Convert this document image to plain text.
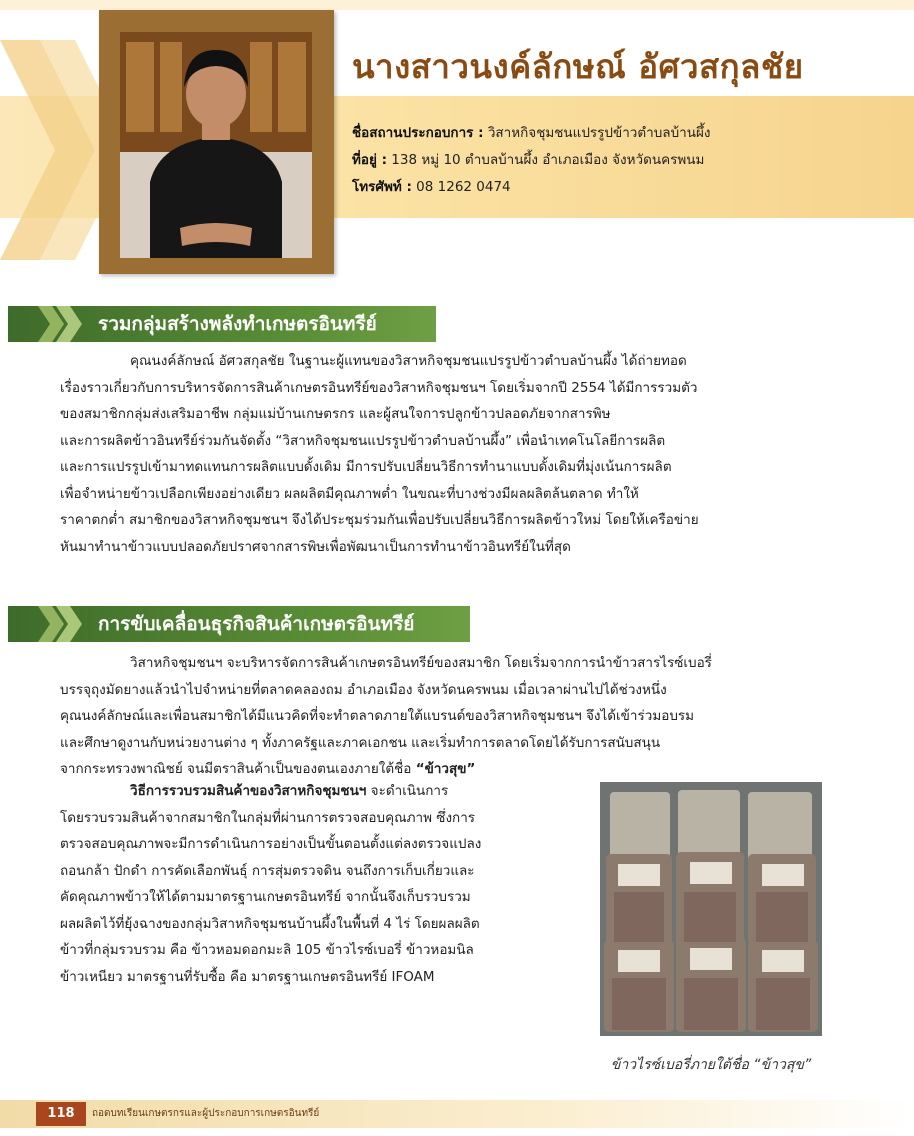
นางสาวนงค์ลักษณ์ อัศวสกุลชัย
ชื่อสถานประกอบการ : วิสาหกิจชุมชนแปรรูปข้าวตำบลบ้านผึ้ง
ที่อยู่ : 138 หมู่ 10 ตำบลบ้านผึ้ง อำเภอเมือง จังหวัดนครพนม
โทรศัพท์ : 08 1262 0474
รวมกลุ่มสร้างพลังทำเกษตรอินทรีย์

คุณนงค์ลักษณ์ อัศวสกุลชัย ในฐานะผู้แทนของวิสาหกิจชุมชนแปรรูปข้าวตำบลบ้านผึ้ง ได้ถ่ายทอด

เรื่องราวเกี่ยวกับการบริหารจัดการสินค้าเกษตรอินทรีย์ของวิสาหกิจชุมชนฯ โดยเริ่มจากปี 2554 ได้มีการรวมตัว

ของสมาชิกกลุ่มส่งเสริมอาชีพ กลุ่มแม่บ้านเกษตรกร และผู้สนใจการปลูกข้าวปลอดภัยจากสารพิษ

และการผลิตข้าวอินทรีย์ร่วมกันจัดตั้ง “วิสาหกิจชุมชนแปรรูปข้าวตำบลบ้านผึ้ง” เพื่อนำเทคโนโลยีการผลิต

และการแปรรูปเข้ามาทดแทนการผลิตแบบดั้งเดิม มีการปรับเปลี่ยนวิธีการทำนาแบบดั้งเดิมที่มุ่งเน้นการผลิต

เพื่อจำหน่ายข้าวเปลือกเพียงอย่างเดียว ผลผลิตมีคุณภาพต่ำ ในขณะที่บางช่วงมีผลผลิตล้นตลาด ทำให้

ราคาตกต่ำ สมาชิกของวิสาหกิจชุมชนฯ จึงได้ประชุมร่วมกันเพื่อปรับเปลี่ยนวิธีการผลิตข้าวใหม่ โดยให้เครือข่าย

หันมาทำนาข้าวแบบปลอดภัยปราศจากสารพิษเพื่อพัฒนาเป็นการทำนาข้าวอินทรีย์ในที่สุด

การขับเคลื่อนธุรกิจสินค้าเกษตรอินทรีย์

วิสาหกิจชุมชนฯ จะบริหารจัดการสินค้าเกษตรอินทรีย์ของสมาชิก โดยเริ่มจากการนำข้าวสารไรซ์เบอรี่

บรรจุถุงมัดยางแล้วนำไปจำหน่ายที่ตลาดคลองถม อำเภอเมือง จังหวัดนครพนม เมื่อเวลาผ่านไปได้ช่วงหนึ่ง

คุณนงค์ลักษณ์และเพื่อนสมาชิกได้มีแนวคิดที่จะทำตลาดภายใต้แบรนด์ของวิสาหกิจชุมชนฯ จึงได้เข้าร่วมอบรม

และศึกษาดูงานกับหน่วยงานต่าง ๆ ทั้งภาครัฐและภาคเอกชน และเริ่มทำการตลาดโดยได้รับการสนับสนุน

จากกระทรวงพาณิชย์ จนมีตราสินค้าเป็นของตนเองภายใต้ชื่อ “ข้าวสุข”

วิธีการรวบรวมสินค้าของวิสาหกิจชุมชนฯ จะดำเนินการ

โดยรวบรวมสินค้าจากสมาชิกในกลุ่มที่ผ่านการตรวจสอบคุณภาพ ซึ่งการ

ตรวจสอบคุณภาพจะมีการดำเนินการอย่างเป็นขั้นตอนตั้งแต่ลงตรวจแปลง

ถอนกล้า ปักดำ การคัดเลือกพันธุ์ การสุ่มตรวจดิน จนถึงการเก็บเกี่ยวและ

คัดคุณภาพข้าวให้ได้ตามมาตรฐานเกษตรอินทรีย์ จากนั้นจึงเก็บรวบรวม

ผลผลิตไว้ที่ยุ้งฉางของกลุ่มวิสาหกิจชุมชนบ้านผึ้งในพื้นที่ 4 ไร่ โดยผลผลิต

ข้าวที่กลุ่มรวบรวม คือ ข้าวหอมดอกมะลิ 105 ข้าวไรซ์เบอรี่ ข้าวหอมนิล

ข้าวเหนียว มาตรฐานที่รับซื้อ คือ มาตรฐานเกษตรอินทรีย์ IFOAM

ข้าวไรซ์เบอรี่ภายใต้ชื่อ “ข้าวสุข”
118	ถอดบทเรียนเกษตรกรและผู้ประกอบการเกษตรอินทรีย์
